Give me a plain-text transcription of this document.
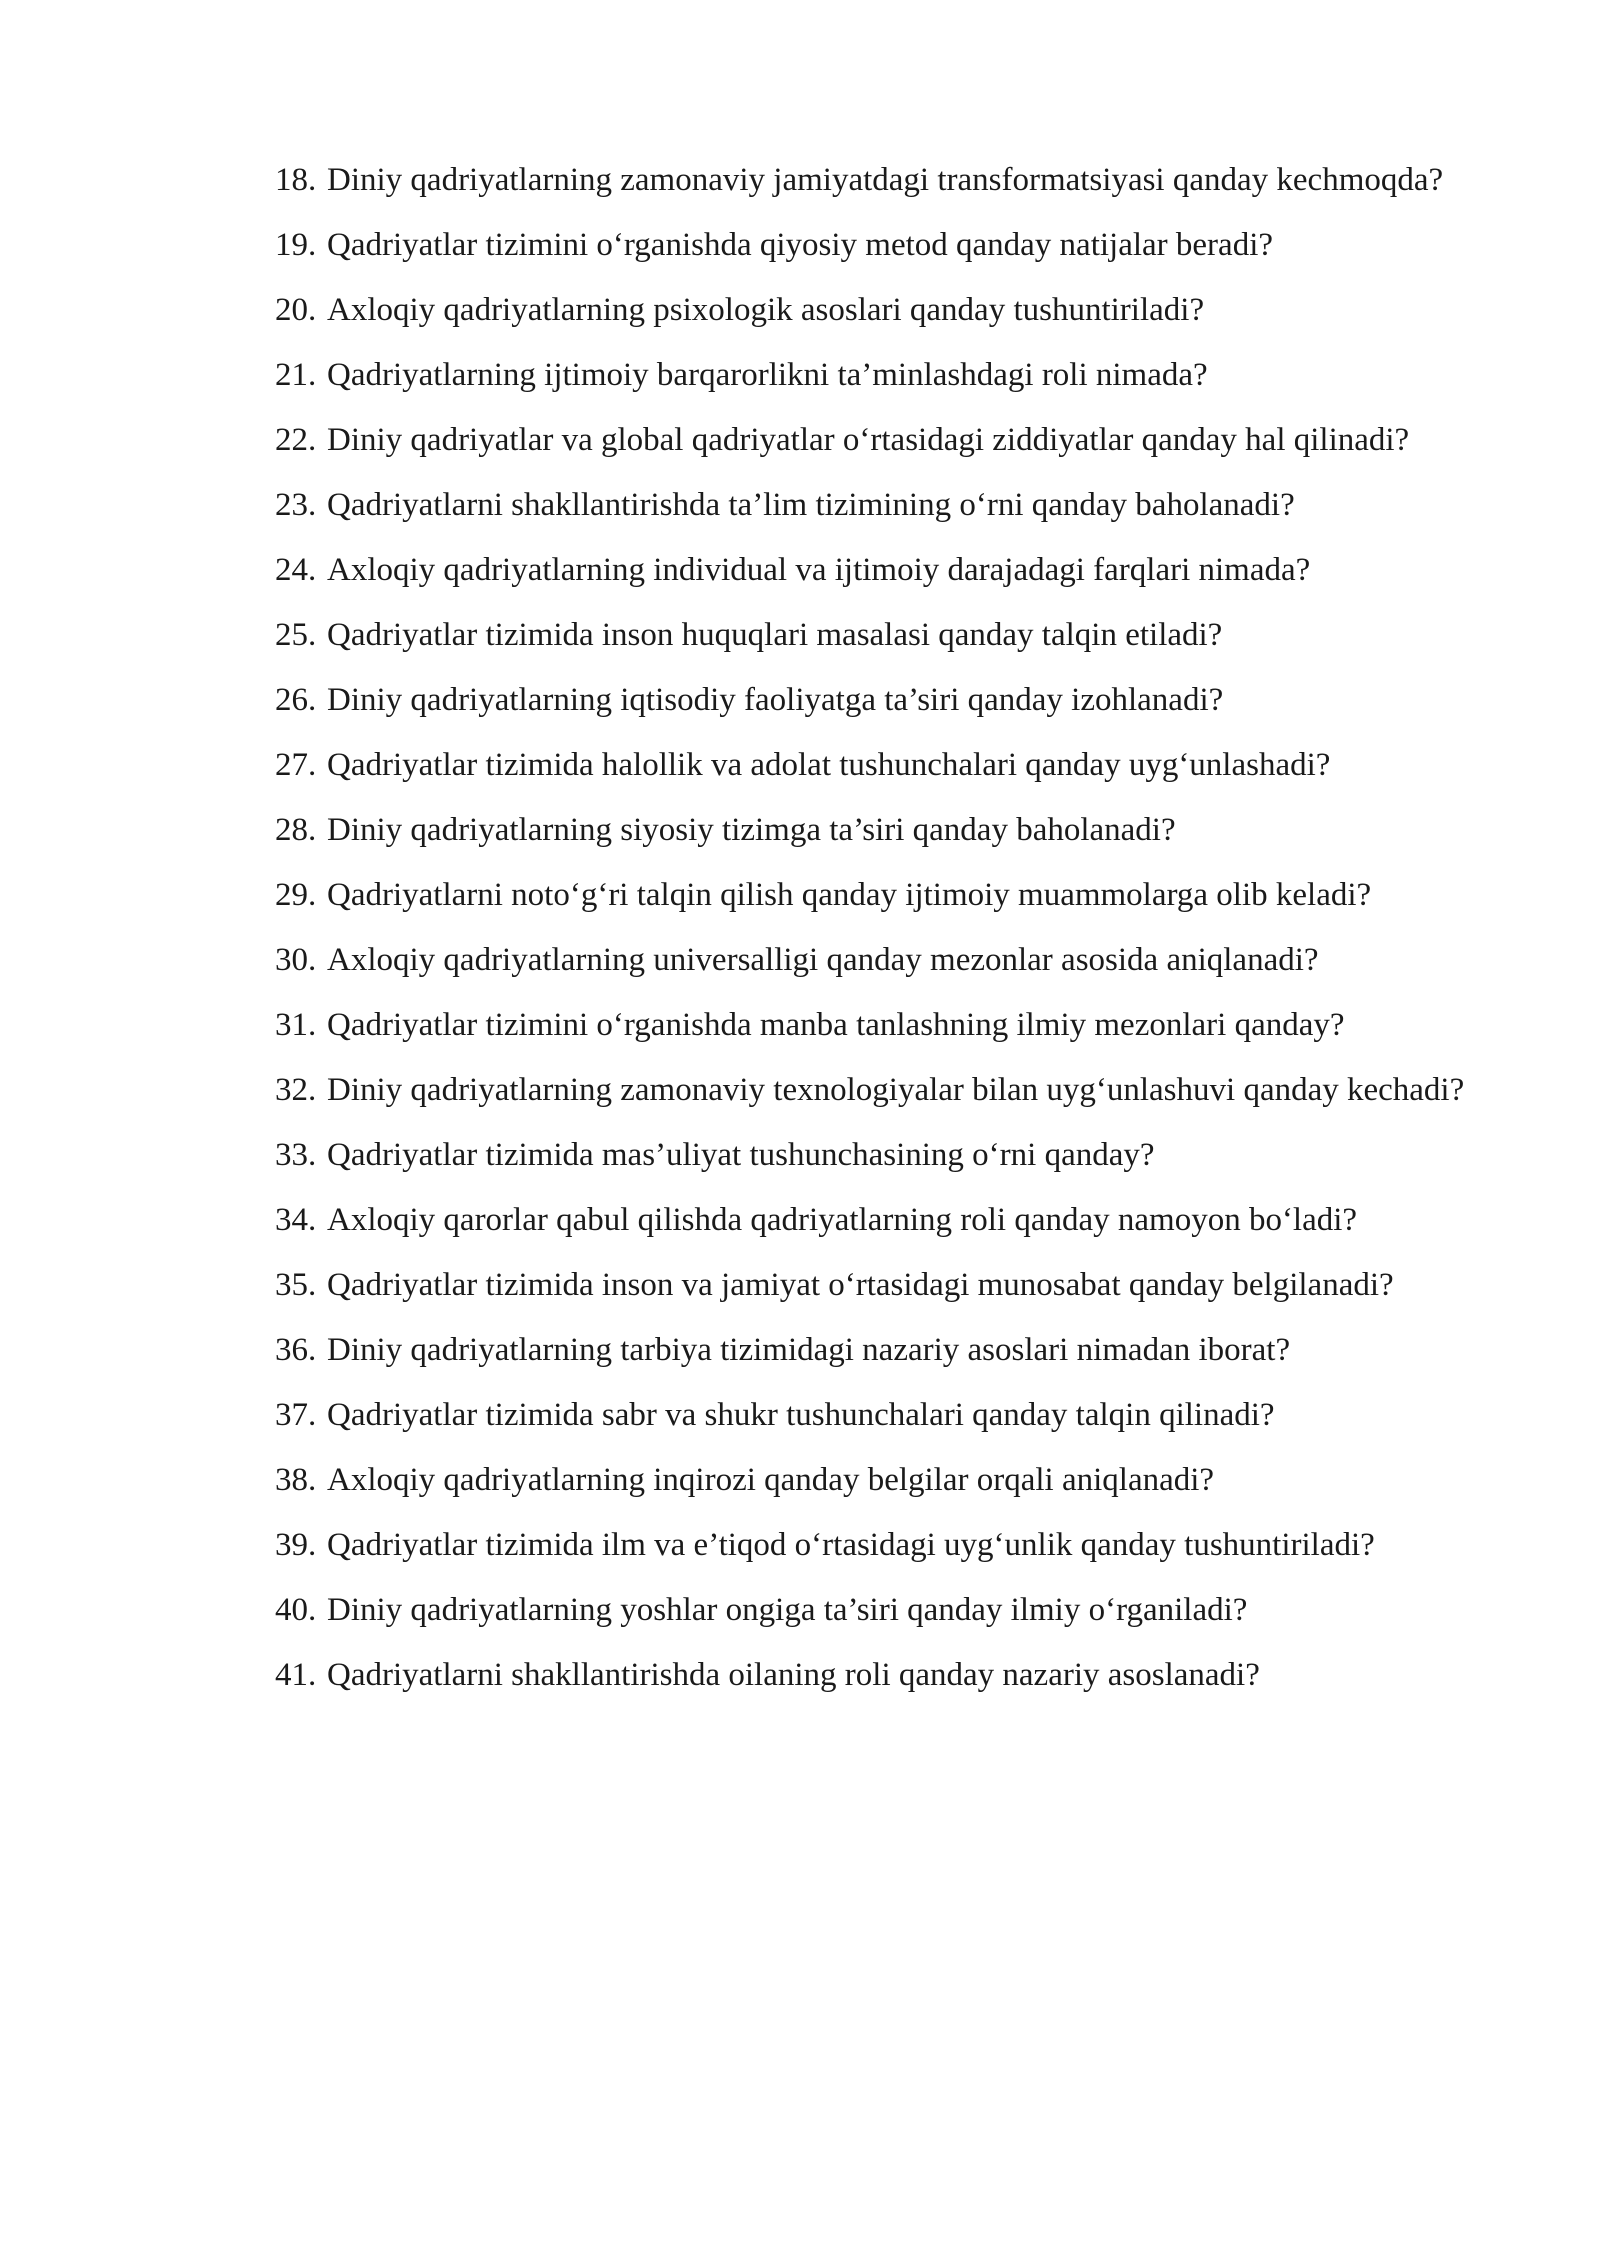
18. Diniy qadriyatlarning zamonaviy jamiyatdagi transformatsiyasi qanday kechmoqda?
19. Qadriyatlar tizimini o‘rganishda qiyosiy metod qanday natijalar beradi?
20. Axloqiy qadriyatlarning psixologik asoslari qanday tushuntiriladi?
21. Qadriyatlarning ijtimoiy barqarorlikni ta’minlashdagi roli nimada?
22. Diniy qadriyatlar va global qadriyatlar o‘rtasidagi ziddiyatlar qanday hal qilinadi?
23. Qadriyatlarni shakllantirishda ta’lim tizimining o‘rni qanday baholanadi?
24. Axloqiy qadriyatlarning individual va ijtimoiy darajadagi farqlari nimada?
25. Qadriyatlar tizimida inson huquqlari masalasi qanday talqin etiladi?
26. Diniy qadriyatlarning iqtisodiy faoliyatga ta’siri qanday izohlanadi?
27. Qadriyatlar tizimida halollik va adolat tushunchalari qanday uyg‘unlashadi?
28. Diniy qadriyatlarning siyosiy tizimga ta’siri qanday baholanadi?
29. Qadriyatlarni noto‘g‘ri talqin qilish qanday ijtimoiy muammolarga olib keladi?
30. Axloqiy qadriyatlarning universalligi qanday mezonlar asosida aniqlanadi?
31. Qadriyatlar tizimini o‘rganishda manba tanlashning ilmiy mezonlari qanday?
32. Diniy qadriyatlarning zamonaviy texnologiyalar bilan uyg‘unlashuvi qanday kechadi?
33. Qadriyatlar tizimida mas’uliyat tushunchasining o‘rni qanday?
34. Axloqiy qarorlar qabul qilishda qadriyatlarning roli qanday namoyon bo‘ladi?
35. Qadriyatlar tizimida inson va jamiyat o‘rtasidagi munosabat qanday belgilanadi?
36. Diniy qadriyatlarning tarbiya tizimidagi nazariy asoslari nimadan iborat?
37. Qadriyatlar tizimida sabr va shukr tushunchalari qanday talqin qilinadi?
38. Axloqiy qadriyatlarning inqirozi qanday belgilar orqali aniqlanadi?
39. Qadriyatlar tizimida ilm va e’tiqod o‘rtasidagi uyg‘unlik qanday tushuntiriladi?
40. Diniy qadriyatlarning yoshlar ongiga ta’siri qanday ilmiy o‘rganiladi?
41. Qadriyatlarni shakllantirishda oilaning roli qanday nazariy asoslanadi?
